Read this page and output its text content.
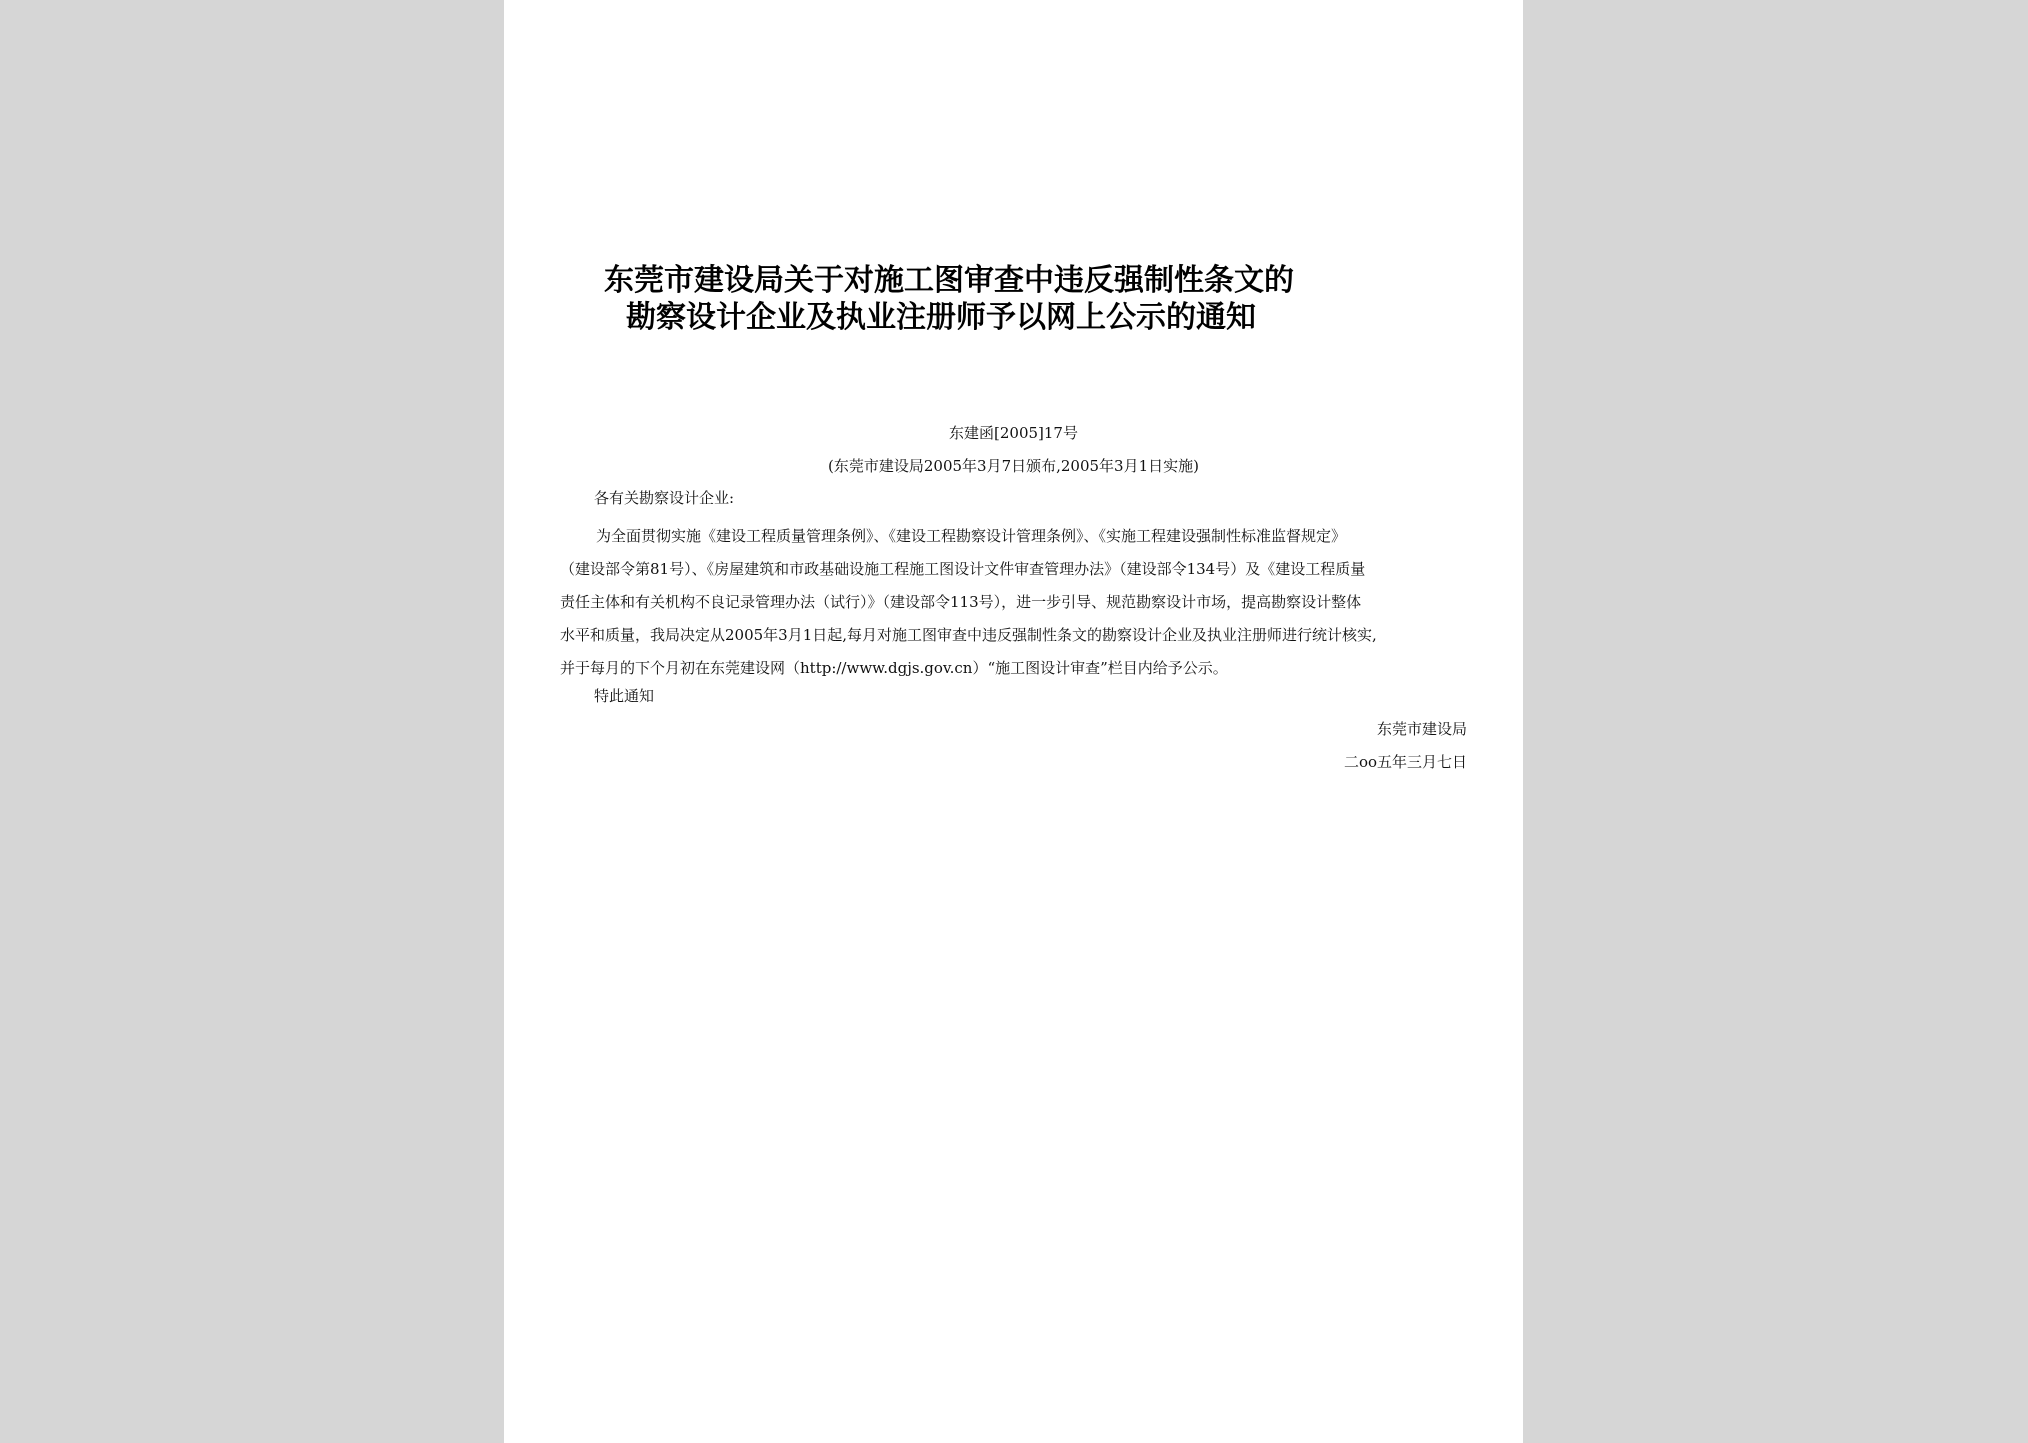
东莞市建设局关于对施工图审查中违反强制性条文的
勘察设计企业及执业注册师予以网上公示的通知
东建函[2005]17号
(东莞市建设局2005年3月7日颁布,2005年3月1日实施)
各有关勘察设计企业:
为全面贯彻实施《建设工程质量管理条例》、《建设工程勘察设计管理条例》、《实施工程建设强制性标准监督规定》
（建设部令第81号）、《房屋建筑和市政基础设施工程施工图设计文件审查管理办法》（建设部令134号）及《建设工程质量
责任主体和有关机构不良记录管理办法（试行）》（建设部令113号），进一步引导、规范勘察设计市场，提高勘察设计整体
水平和质量，我局决定从2005年3月1日起,每月对施工图审查中违反强制性条文的勘察设计企业及执业注册师进行统计核实,
并于每月的下个月初在东莞建设网（http://www.dgjs.gov.cn）“施工图设计审查”栏目内给予公示。
特此通知
东莞市建设局
二oo五年三月七日
